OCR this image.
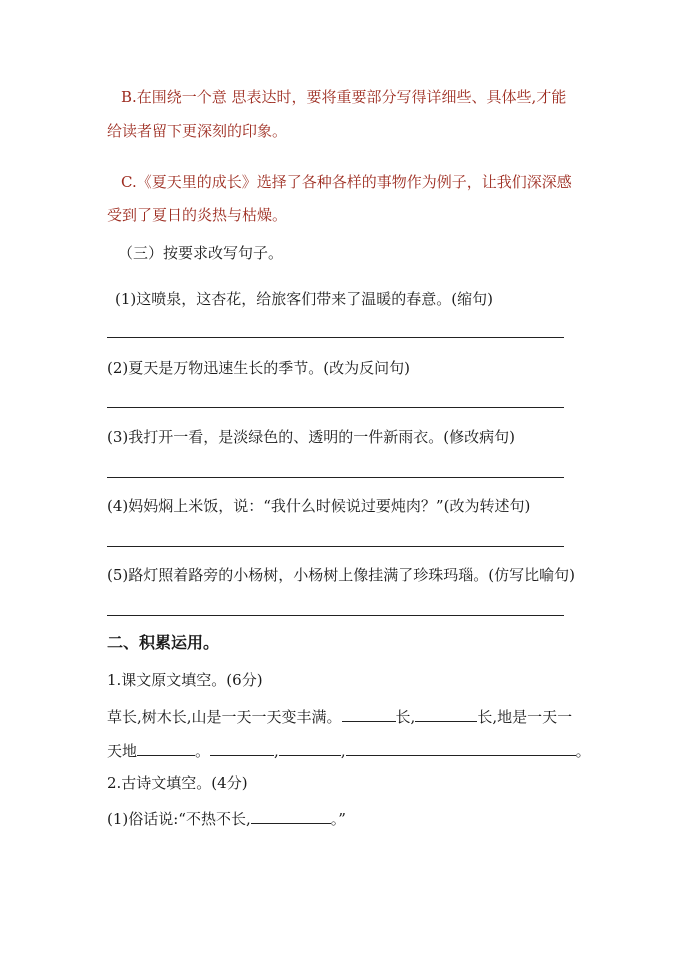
B.在围绕一个意 思表达时，要将重要部分写得详细些、具体些,才能
给读者留下更深刻的印象。
C.《夏天里的成长》选择了各种各样的事物作为例子，让我们深深感
受到了夏日的炎热与枯燥。
（三）按要求改写句子。
(1)这喷泉，这杏花，给旅客们带来了温暖的春意。(缩句)
(2)夏天是万物迅速生长的季节。(改为反问句)
(3)我打开一看，是淡绿色的、透明的一件新雨衣。(修改病句)
(4)妈妈焖上米饭，说：“我什么时候说过要炖肉？”(改为转述句)
(5)路灯照着路旁的小杨树，小杨树上像挂满了珍珠玛瑙。(仿写比喻句)
二、积累运用。
1.课文原文填空。(6分)
草长,树木长,山是一天一天变丰满。	长,	长,地是一天一
天地	。	,	,	。
2.古诗文填空。(4分)
(1)俗话说:“不热不长,	。”
